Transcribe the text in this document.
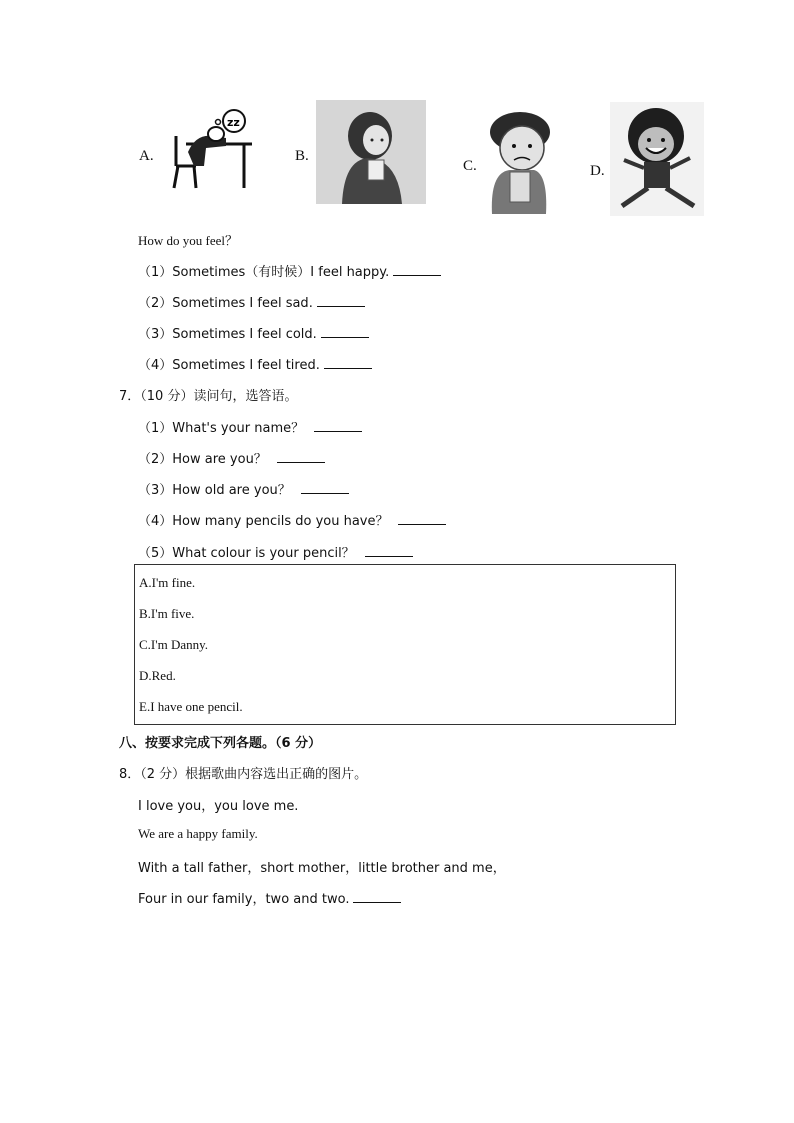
A.
zz
B.
C.	D.
How do you feel？
（1）Sometimes（有时候）I feel happy.
（2）Sometimes I feel sad.
（3）Sometimes I feel cold.
（4）Sometimes I feel tired.
7．（10 分）读问句，选答语。
（1）What's your name？
（2）How are you？
（3）How old are you？
（4）How many pencils do you have？
（5）What colour is your pencil？
A.I'm fine.
B.I'm five.
C.I'm Danny.
D.Red.
E.I have one pencil.
八、按要求完成下列各题。（6 分）
8．（2 分）根据歌曲内容选出正确的图片。
I love you，you love me.
We are a happy family.
With a tall father，short mother，little brother and me，
Four in our family，two and two.
